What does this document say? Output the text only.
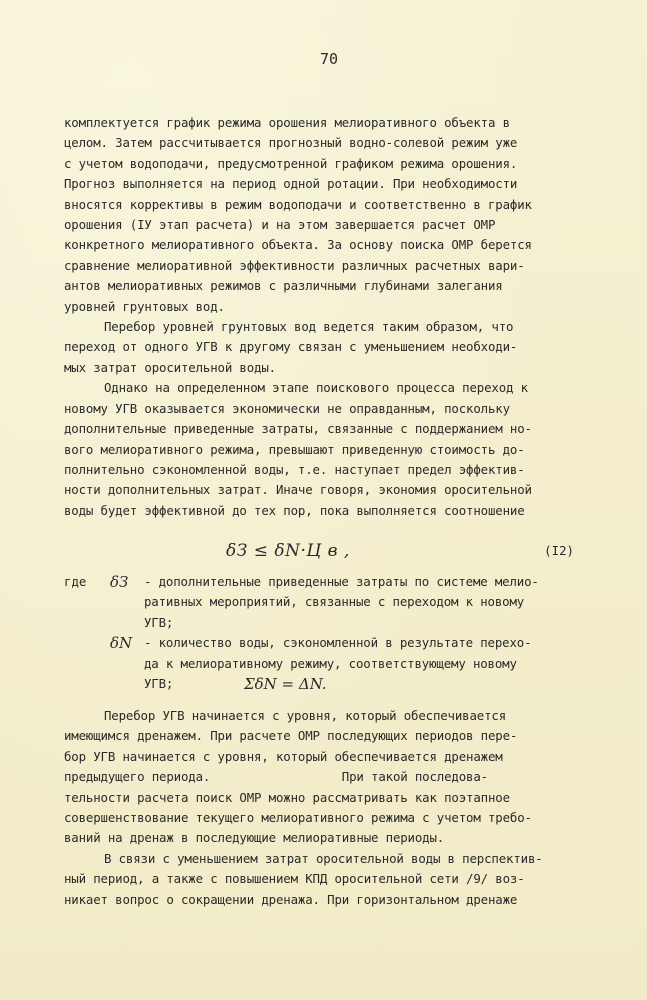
70
комплектуется график режима орошения мелиоративного объекта в
целом. Затем рассчитывается прогнозный водно-солевой режим уже
с учетом водоподачи, предусмотренной графиком режима орошения.
Прогноз выполняется на период одной ротации. При необходимости
вносятся коррективы в режим водоподачи и соответственно в график
орошения (IУ этап расчета) и на этом завершается расчет ОМР
конкретного мелиоративного объекта. За основу поиска ОМР берется
сравнение мелиоративной эффективности различных расчетных вари-
антов мелиоративных режимов с различными глубинами залегания
уровней грунтовых вод.
Перебор уровней грунтовых вод ведется таким образом, что
переход от одного УГВ к другому связан с уменьшением необходи-
мых затрат оросительной воды.
Однако на определенном этапе поискового процесса переход к
новому УГВ оказывается экономически не оправданным, поскольку
дополнительные приведенные затраты, связанные с поддержанием но-
вого мелиоративного режима, превышают приведенную стоимость до-
полнительно сэкономленной воды, т.е. наступает предел эффектив-
ности дополнительных затрат. Иначе говоря, экономия оросительной
воды будет эффективной до тех пор, пока выполняется соотношение
δЗ ≤ δN·Ц в ,	(I2)
где δЗ - дополнительные приведенные затраты по системе мелио-
ративных мероприятий, связанные с переходом к новому
УГВ;
δN - количество воды, сэкономленной в результате перехо-
да к мелиоративному режиму, соответствующему новому
УГВ;	ΣδN = ΔN.
Перебор УГВ начинается с уровня, который обеспечивается
имеющимся дренажем. При расчете ОМР последующих периодов пере-
бор УГВ начинается с уровня, который обеспечивается дренажем
предыдущего периода.                  При такой последова-
тельности расчета поиск ОМР можно рассматривать как поэтапное
совершенствование текущего мелиоративного режима с учетом требо-
ваний на дренаж в последующие мелиоративные периоды.
В связи с уменьшением затрат оросительной воды в перспектив-
ный период, а также с повышением КПД оросительной сети /9/ воз-
никает вопрос о сокращении дренажа. При горизонтальном дренаже
